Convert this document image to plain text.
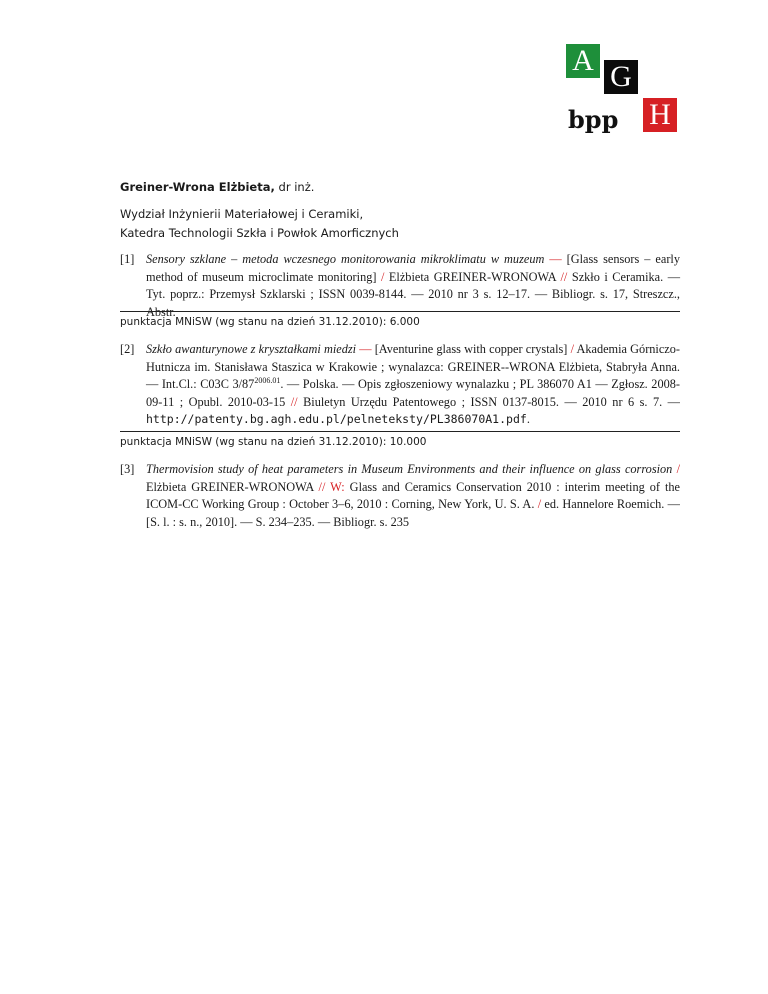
A G
H
bpp
Greiner-Wrona Elżbieta, dr inż.
Wydział Inżynierii Materiałowej i Ceramiki,
Katedra Technologii Szkła i Powłok Amorficznych
[1] Sensory szklane – metoda wczesnego monitorowania mikroklimatu w muzeum — [Glass sensors – early method of museum microclimate monitoring] / Elżbieta GREINER-WRONOWA // Szkło i Ceramika. — Tyt. poprz.: Przemysł Szklarski ; ISSN 0039-8144. — 2010 nr 3 s. 12–17. — Bibliogr. s. 17, Streszcz., Abstr.
punktacja MNiSW (wg stanu na dzień 31.12.2010): 6.000
[2] Szkło awanturynowe z kryształkami miedzi — [Aventurine glass with copper crystals] / Akademia Górniczo-Hutnicza im. Stanisława Staszica w Krakowie ; wynalazca: GREINER--WRONA Elżbieta, Stabryła Anna. — Int.Cl.: C03C $3/87^{2006.01}$. — Polska. — Opis zgłoszeniowy wynalazku ; PL 386070 A1 — Zgłosz. 2008-09-11 ; Opubl. 2010-03-15 // Biuletyn Urzędu Patentowego ; ISSN 0137-8015. — 2010 nr 6 s. 7. — http://patenty.bg.agh.edu.pl/pelneteksty/PL386070A1.pdf.
punktacja MNiSW (wg stanu na dzień 31.12.2010): 10.000
[3] Thermovision study of heat parameters in Museum Environments and their influence on glass corrosion / Elżbieta GREINER-WRONOWA // W: Glass and Ceramics Conservation 2010 : interim meeting of the ICOM-CC Working Group : October 3–6, 2010 : Corning, New York, U. S. A. / ed. Hannelore Roemich. — [S. l. : s. n., 2010]. — S. 234–235. — Bibliogr. s. 235
